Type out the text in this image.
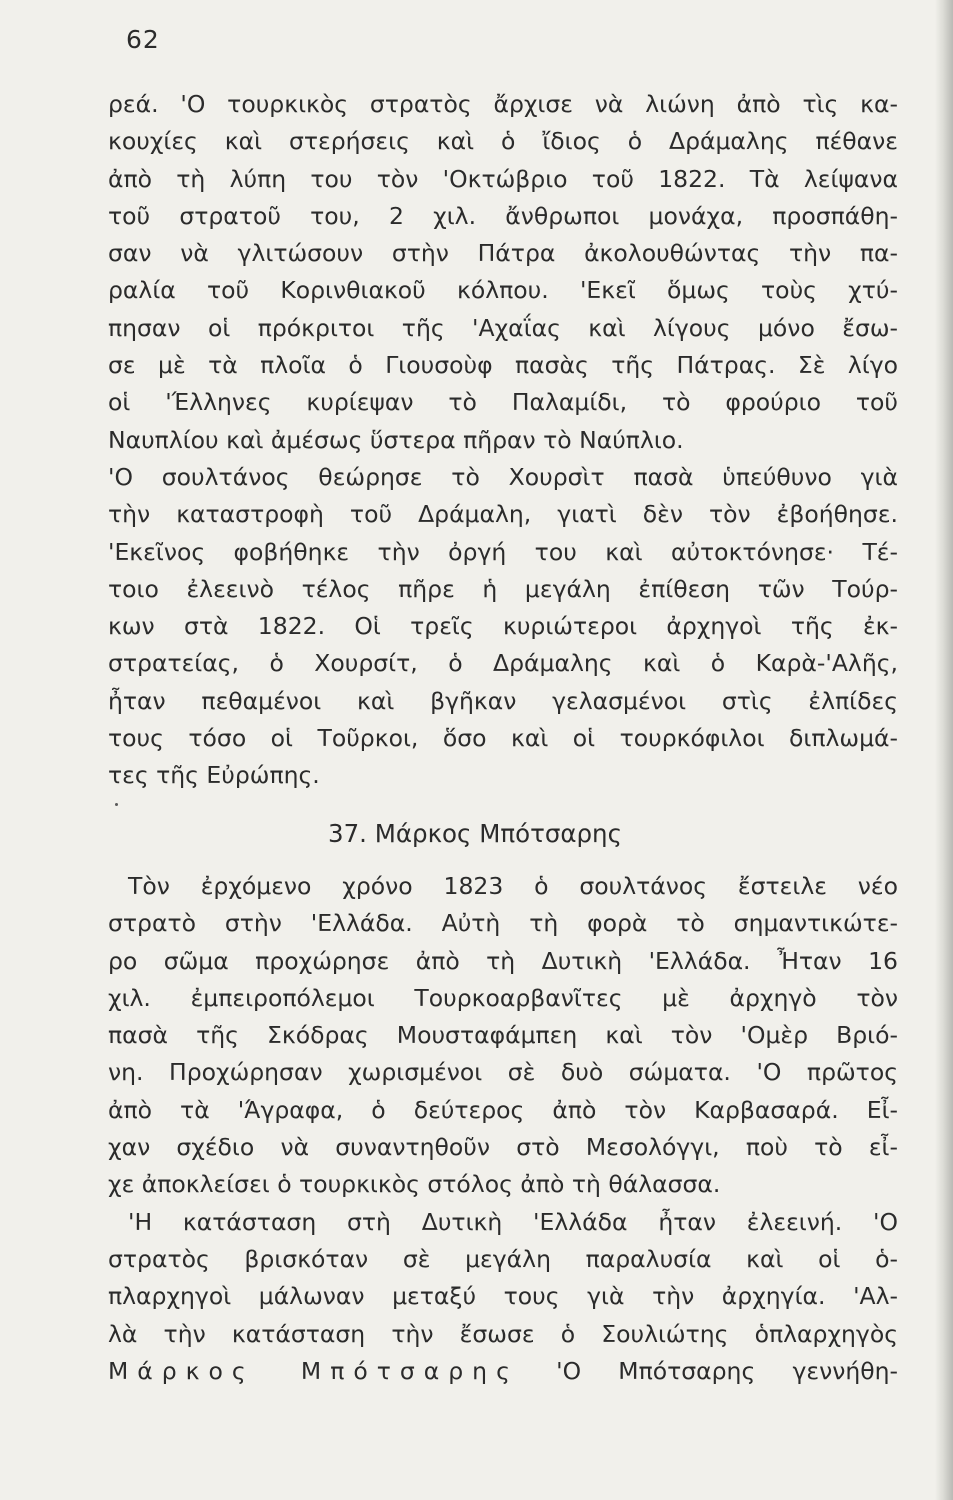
62
ρεά. 'Ο τουρκικὸς στρατὸς ἄρχισε νὰ λιώνη ἀπὸ τὶς κα-
κουχίες καὶ στερήσεις καὶ ὁ ἴδιος ὁ Δράμαλης πέθανε
ἀπὸ τὴ λύπη του τὸν 'Οκτώβριο τοῦ 1822. Τὰ λείψανα
τοῦ στρατοῦ του, 2 χιλ. ἄνθρωποι μονάχα, προσπάθη-
σαν νὰ γλιτώσουν στὴν Πάτρα ἀκολουθώντας τὴν πα-
ραλία τοῦ Κορινθιακοῦ κόλπου. 'Εκεῖ ὅμως τοὺς χτύ-
πησαν οἱ πρόκριτοι τῆς 'Αχαΐας καὶ λίγους μόνο ἔσω-
σε μὲ τὰ πλοῖα ὁ Γιουσοὺφ πασὰς τῆς Πάτρας. Σὲ λίγο
οἱ 'Έλληνες κυρίεψαν τὸ Παλαμίδι, τὸ φρούριο τοῦ
Ναυπλίου καὶ ἀμέσως ὕστερα πῆραν τὸ Ναύπλιο.
'Ο σουλτάνος θεώρησε τὸ Χουρσὶτ πασὰ ὑπεύθυνο γιὰ
τὴν καταστροφὴ τοῦ Δράμαλη, γιατὶ δὲν τὸν ἐβοήθησε.
'Εκεῖνος φοβήθηκε τὴν ὀργή του καὶ αὐτοκτόνησε· Τέ-
τοιο ἐλεεινὸ τέλος πῆρε ἡ μεγάλη ἐπίθεση τῶν Τούρ-
κων στὰ 1822. Οἱ τρεῖς κυριώτεροι ἀρχηγοὶ τῆς ἐκ-
στρατείας, ὁ Χουρσίτ, ὁ Δράμαλης καὶ ὁ Καρὰ-'Αλῆς,
ἦταν πεθαμένοι καὶ βγῆκαν γελασμένοι στὶς ἐλπίδες
τους τόσο οἱ Τοῦρκοι, ὅσο καὶ οἱ τουρκόφιλοι διπλωμά-
τες τῆς Εὐρώπης.
37. Μάρκος Μπότσαρης
Τὸν ἐρχόμενο χρόνο 1823 ὁ σουλτάνος ἔστειλε νέο
στρατὸ στὴν 'Ελλάδα. Αὐτὴ τὴ φορὰ τὸ σημαντικώτε-
ρο σῶμα προχώρησε ἀπὸ τὴ Δυτικὴ 'Ελλάδα. Ἦταν 16
χιλ. ἐμπειροπόλεμοι Τουρκοαρβανῖτες μὲ ἀρχηγὸ τὸν
πασὰ τῆς Σκόδρας Μουσταφάμπεη καὶ τὸν 'Ομὲρ Βριό-
νη. Προχώρησαν χωρισμένοι σὲ δυὸ σώματα. 'Ο πρῶτος
ἀπὸ τὰ 'Άγραφα, ὁ δεύτερος ἀπὸ τὸν Καρβασαρά. Εἶ-
χαν σχέδιο νὰ συναντηθοῦν στὸ Μεσολόγγι, ποὺ τὸ εἶ-
χε ἀποκλείσει ὁ τουρκικὸς στόλος ἀπὸ τὴ θάλασσα.
'Η κατάσταση στὴ Δυτικὴ 'Ελλάδα ἦταν ἐλεεινή. 'Ο
στρατὸς βρισκόταν σὲ μεγάλη παραλυσία καὶ οἱ ὁ-
πλαρχηγοὶ μάλωναν μεταξύ τους γιὰ τὴν ἀρχηγία. 'Αλ-
λὰ τὴν κατάσταση τὴν ἔσωσε ὁ Σουλιώτης ὁπλαρχηγὸς
Μάρκος Μπότσαρης 'Ο Μπότσαρης γεννήθη-
